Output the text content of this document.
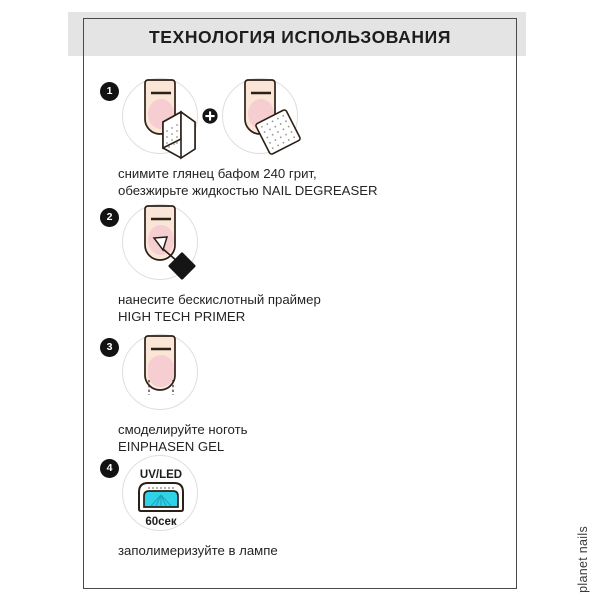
ТЕХНОЛОГИЯ ИСПОЛЬЗОВАНИЯ
1
снимите глянец бафом 240 грит,
обезжирьте жидкостью NAIL DEGREASER
2
нанесите бескислотный праймер
HIGH TECH PRIMER
3
смоделируйте ноготь
EINPHASEN GEL
4
UV/LED
60сек
заполимеризуйте в лампе	planet nails
